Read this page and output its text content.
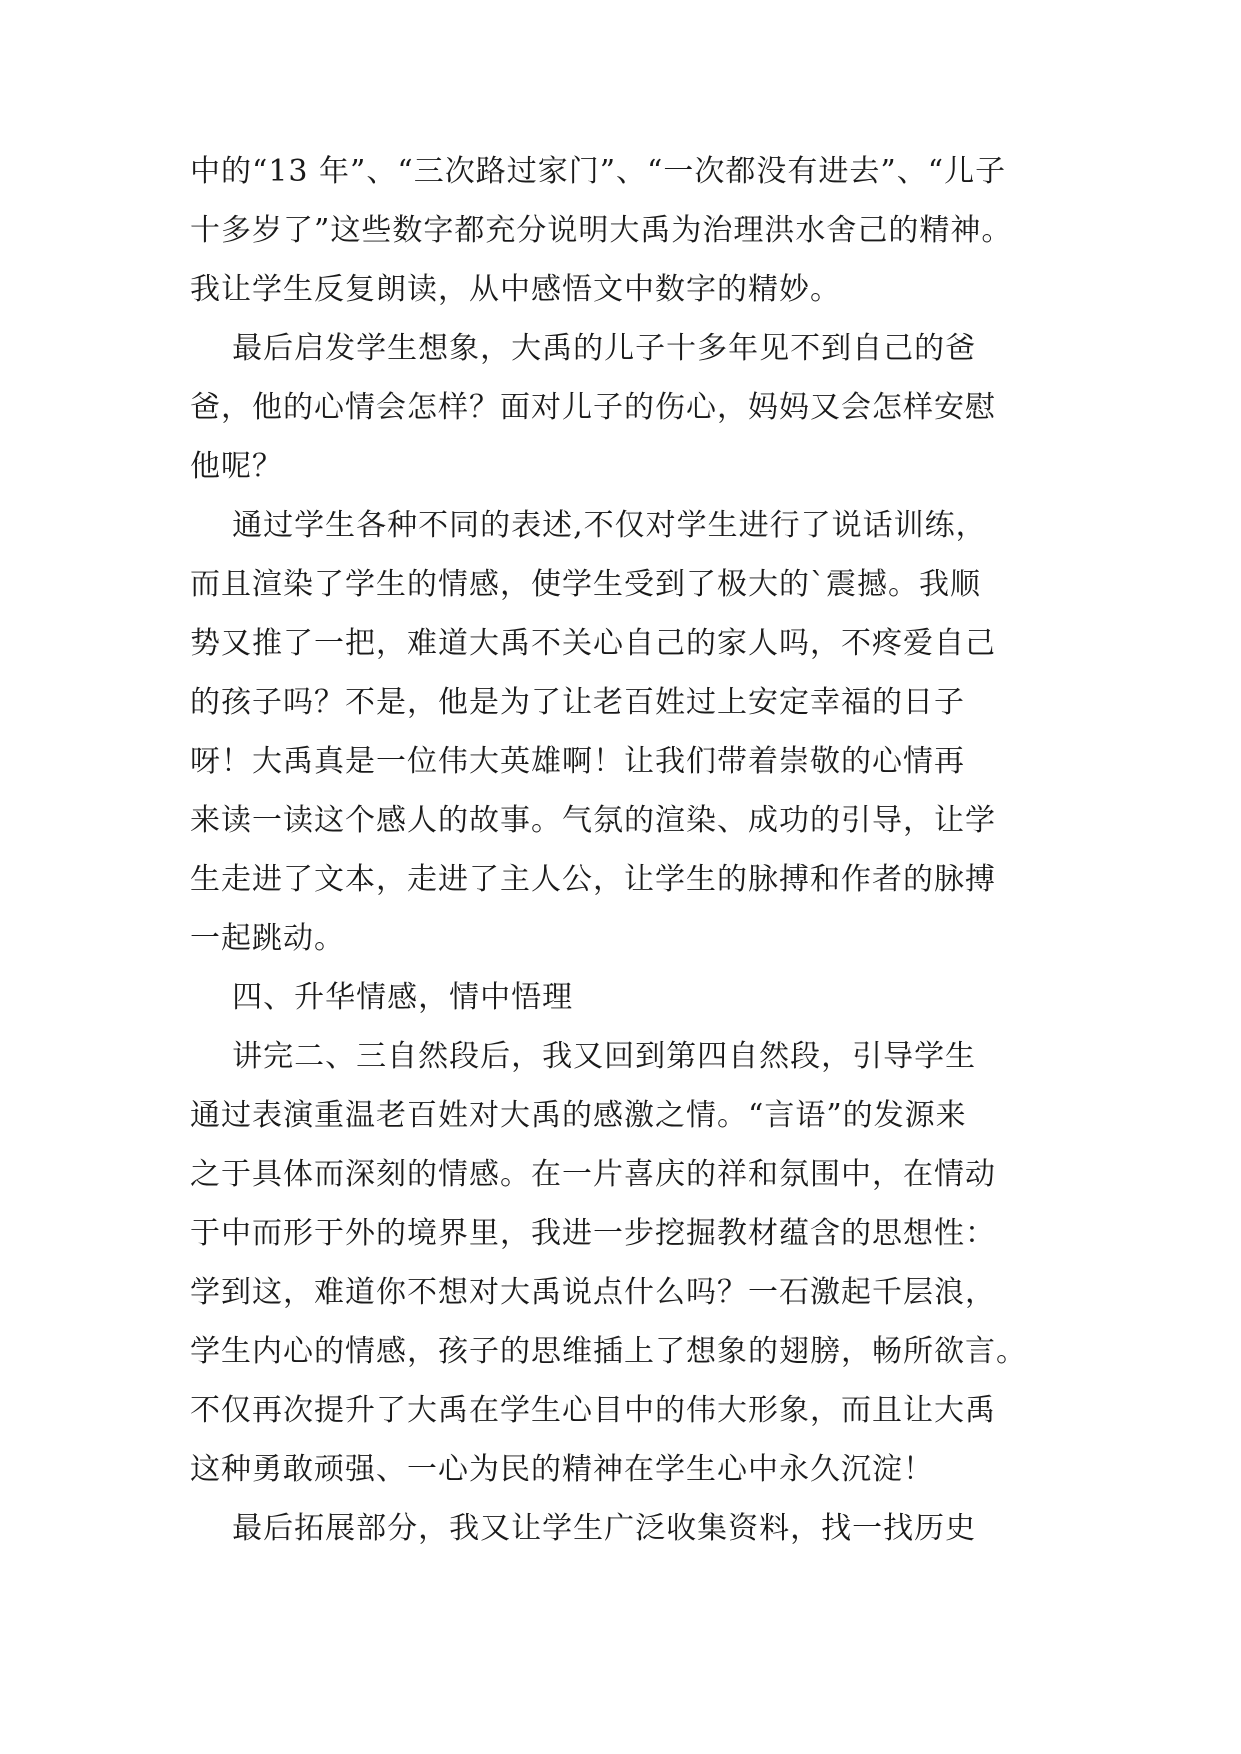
中的“13 年”、“三次路过家门”、“一次都没有进去”、“儿子
十多岁了”这些数字都充分说明大禹为治理洪水舍己的精神。
我让学生反复朗读，从中感悟文中数字的精妙。
最后启发学生想象，大禹的儿子十多年见不到自己的爸
爸，他的心情会怎样？面对儿子的伤心，妈妈又会怎样安慰
他呢？
通过学生各种不同的表述,不仅对学生进行了说话训练，
而且渲染了学生的情感，使学生受到了极大的`震撼。我顺
势又推了一把，难道大禹不关心自己的家人吗，不疼爱自己
的孩子吗？不是，他是为了让老百姓过上安定幸福的日子
呀！大禹真是一位伟大英雄啊！让我们带着崇敬的心情再
来读一读这个感人的故事。气氛的渲染、成功的引导，让学
生走进了文本，走进了主人公，让学生的脉搏和作者的脉搏
一起跳动。
四、升华情感，情中悟理
讲完二、三自然段后，我又回到第四自然段，引导学生
通过表演重温老百姓对大禹的感激之情。“言语”的发源来
之于具体而深刻的情感。在一片喜庆的祥和氛围中，在情动
于中而形于外的境界里，我进一步挖掘教材蕴含的思想性：
学到这，难道你不想对大禹说点什么吗？一石激起千层浪，
学生内心的情感，孩子的思维插上了想象的翅膀，畅所欲言。
不仅再次提升了大禹在学生心目中的伟大形象，而且让大禹
这种勇敢顽强、一心为民的精神在学生心中永久沉淀！
最后拓展部分，我又让学生广泛收集资料，找一找历史
